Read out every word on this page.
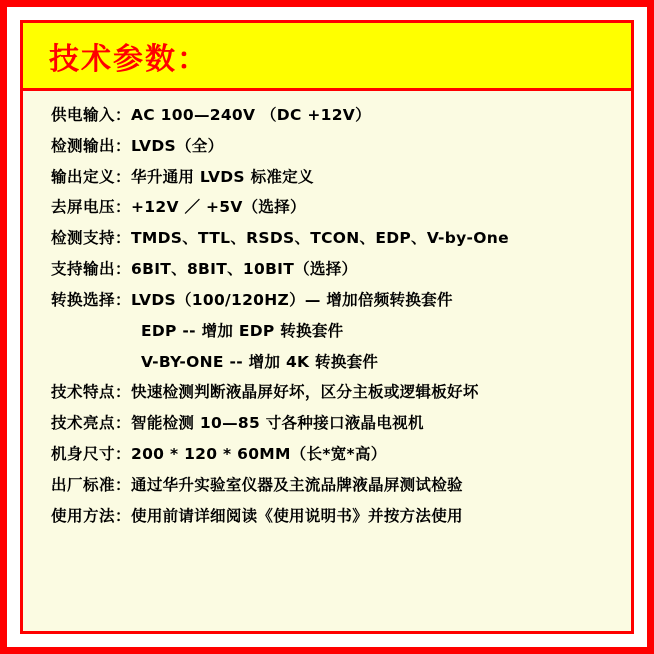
技术参数：
供电输入： AC 100—240V （DC +12V）
检测输出： LVDS（全）
输出定义： 华升通用 LVDS 标准定义
去屏电压： +12V ／ +5V（选择）
检测支持： TMDS、TTL、RSDS、TCON、EDP、V-by-One
支持输出： 6BIT、8BIT、10BIT（选择）
转换选择： LVDS（100/120HZ）— 增加倍频转换套件
EDP -- 增加 EDP 转换套件
V-BY-ONE -- 增加 4K 转换套件
技术特点： 快速检测判断液晶屏好坏，区分主板或逻辑板好坏
技术亮点： 智能检测 10—85 寸各种接口液晶电视机
机身尺寸： 200 * 120 * 60MM（长*宽*高）
出厂标准： 通过华升实验室仪器及主流品牌液晶屏测试检验
使用方法： 使用前请详细阅读《使用说明书》并按方法使用
